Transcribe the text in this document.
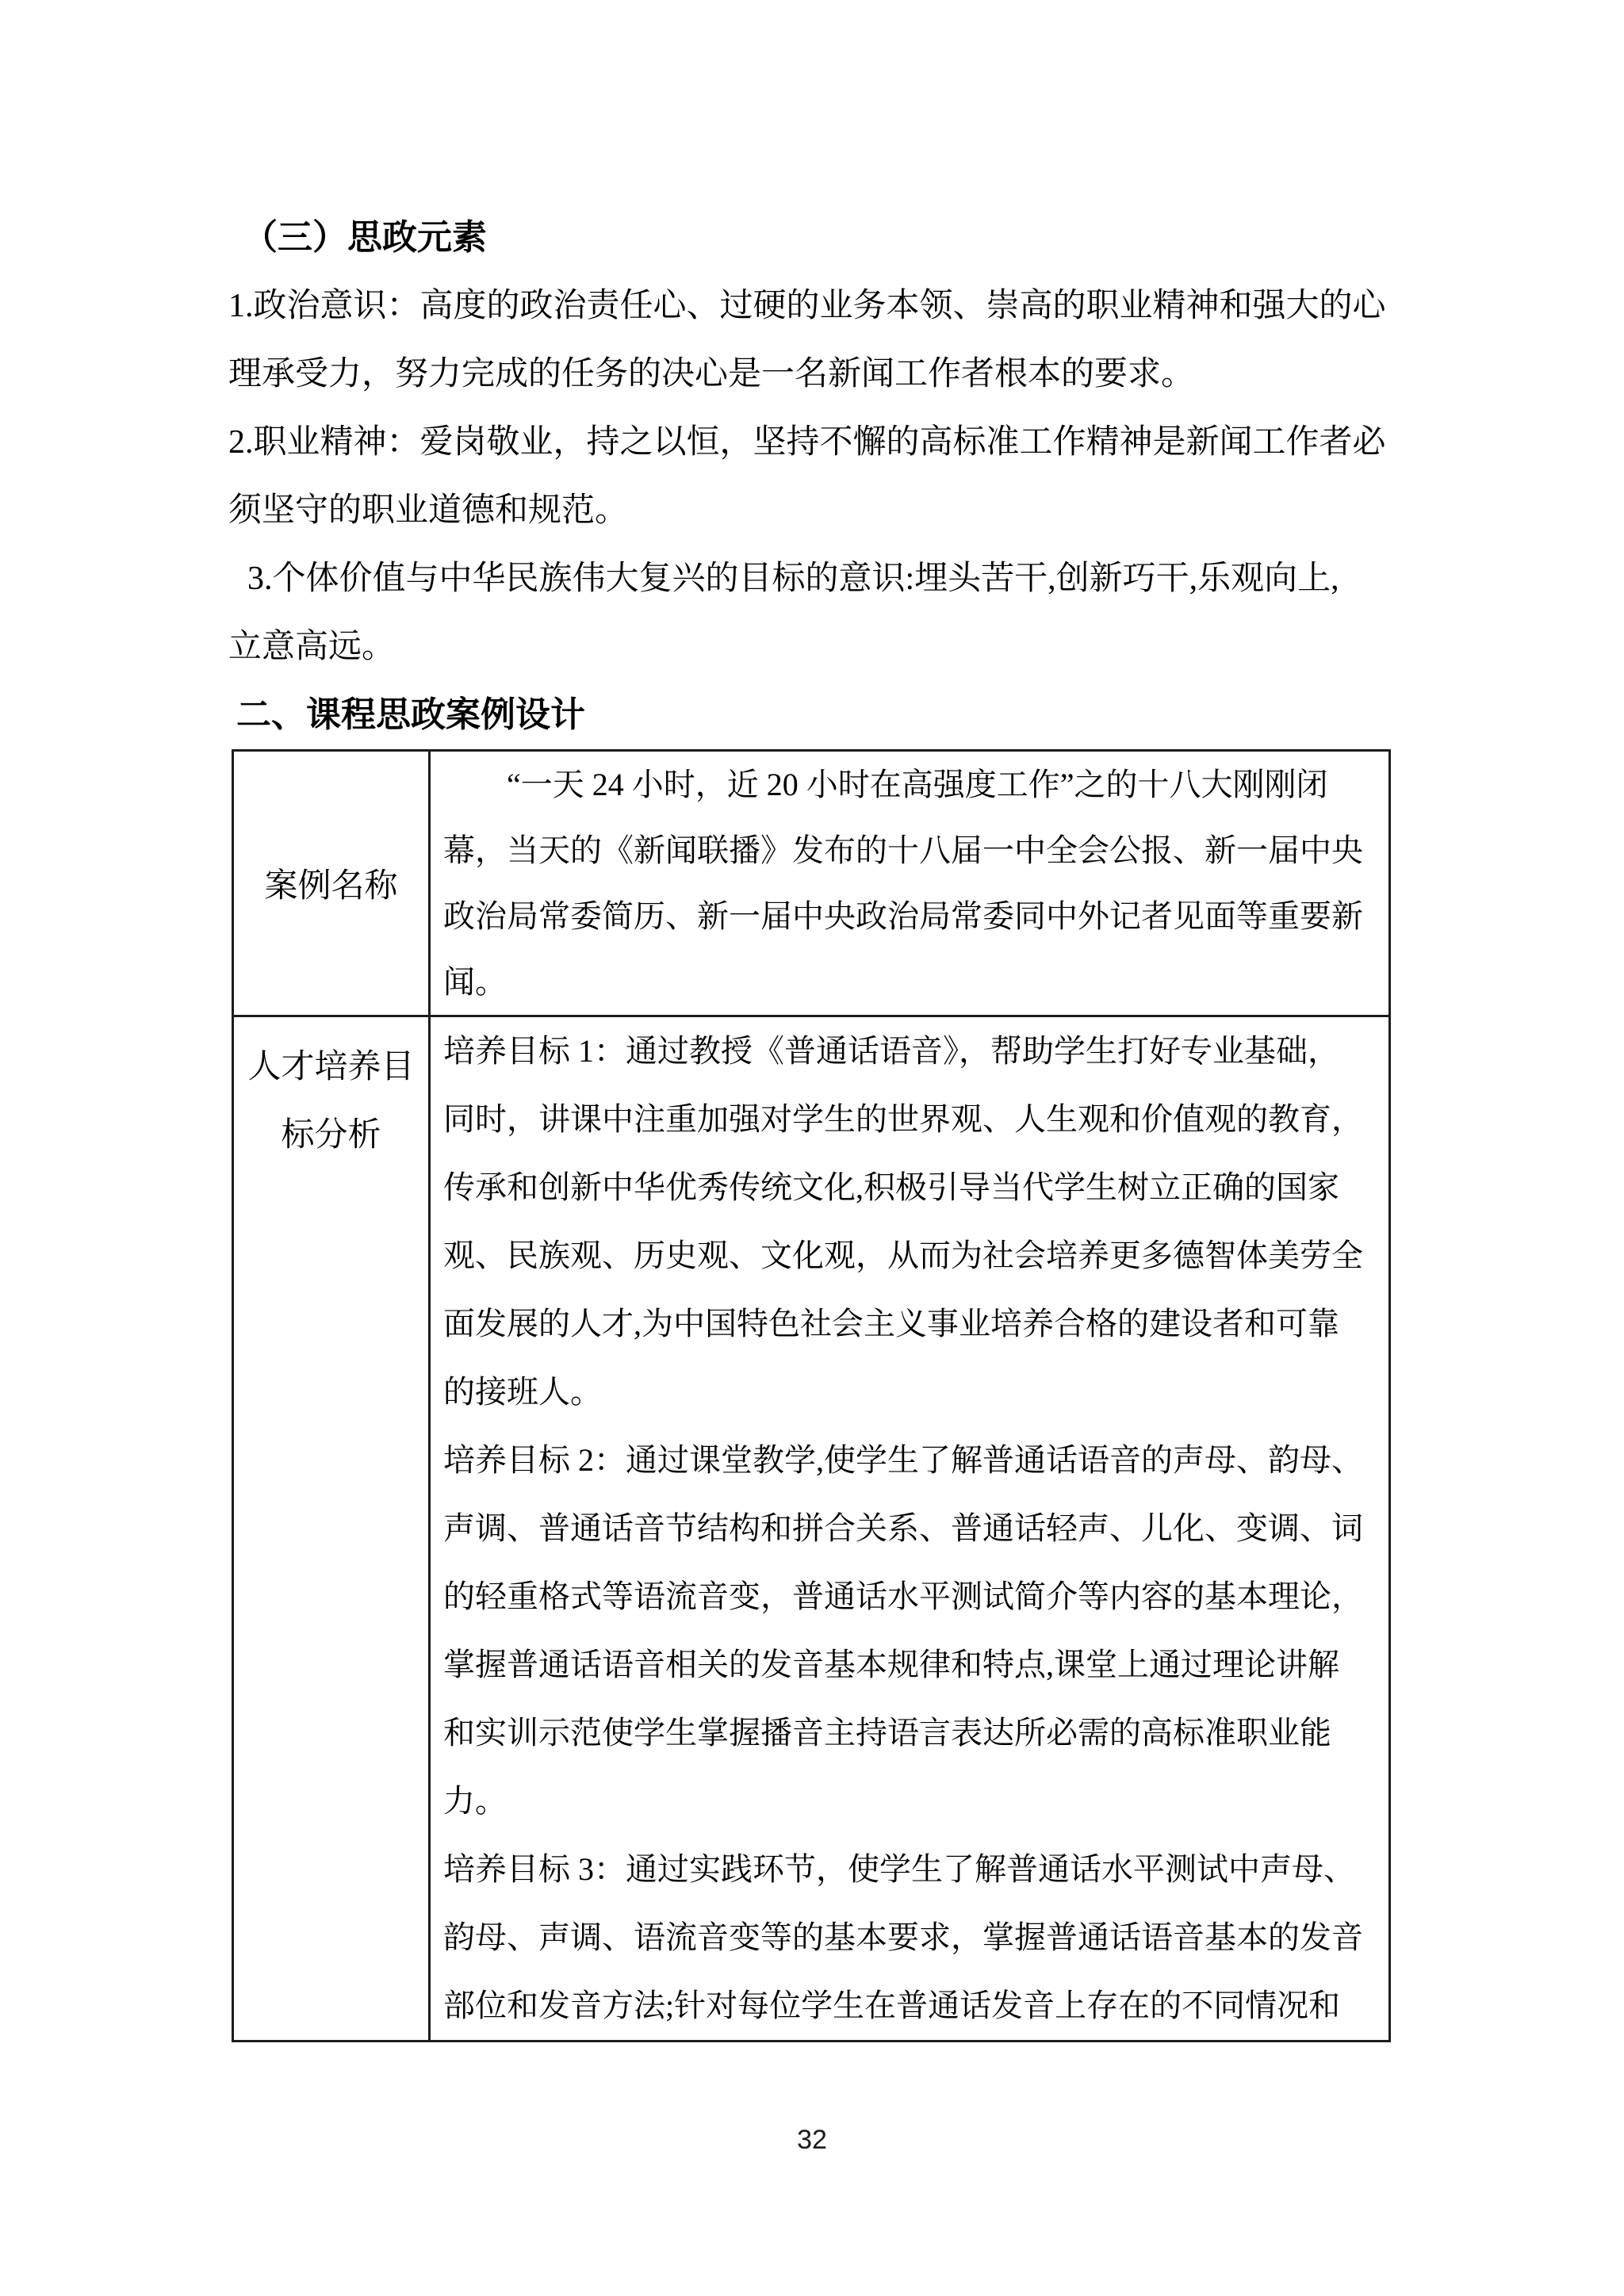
（三）思政元素
1.政治意识：高度的政治责任心、过硬的业务本领、崇高的职业精神和强大的心
理承受力，努力完成的任务的决心是一名新闻工作者根本的要求。
2.职业精神：爱岗敬业，持之以恒，坚持不懈的高标准工作精神是新闻工作者必
须坚守的职业道德和规范。
3.个体价值与中华民族伟大复兴的目标的意识:埋头苦干,创新巧干,乐观向上,
立意高远。
二、课程思政案例设计
案例名称
“一天 24 小时，近 20 小时在高强度工作”之的十八大刚刚闭
幕，当天的《新闻联播》发布的十八届一中全会公报、新一届中央
政治局常委简历、新一届中央政治局常委同中外记者见面等重要新
闻。
人才培养目
标分析
培养目标 1：通过教授《普通话语音》，帮助学生打好专业基础，
同时，讲课中注重加强对学生的世界观、人生观和价值观的教育，
传承和创新中华优秀传统文化,积极引导当代学生树立正确的国家
观、民族观、历史观、文化观，从而为社会培养更多德智体美劳全
面发展的人才,为中国特色社会主义事业培养合格的建设者和可靠
的接班人。
培养目标 2：通过课堂教学,使学生了解普通话语音的声母、韵母、
声调、普通话音节结构和拼合关系、普通话轻声、儿化、变调、词
的轻重格式等语流音变，普通话水平测试简介等内容的基本理论，
掌握普通话语音相关的发音基本规律和特点,课堂上通过理论讲解
和实训示范使学生掌握播音主持语言表达所必需的高标准职业能
力。
培养目标 3：通过实践环节，使学生了解普通话水平测试中声母、
韵母、声调、语流音变等的基本要求，掌握普通话语音基本的发音
部位和发音方法;针对每位学生在普通话发音上存在的不同情况和
32
